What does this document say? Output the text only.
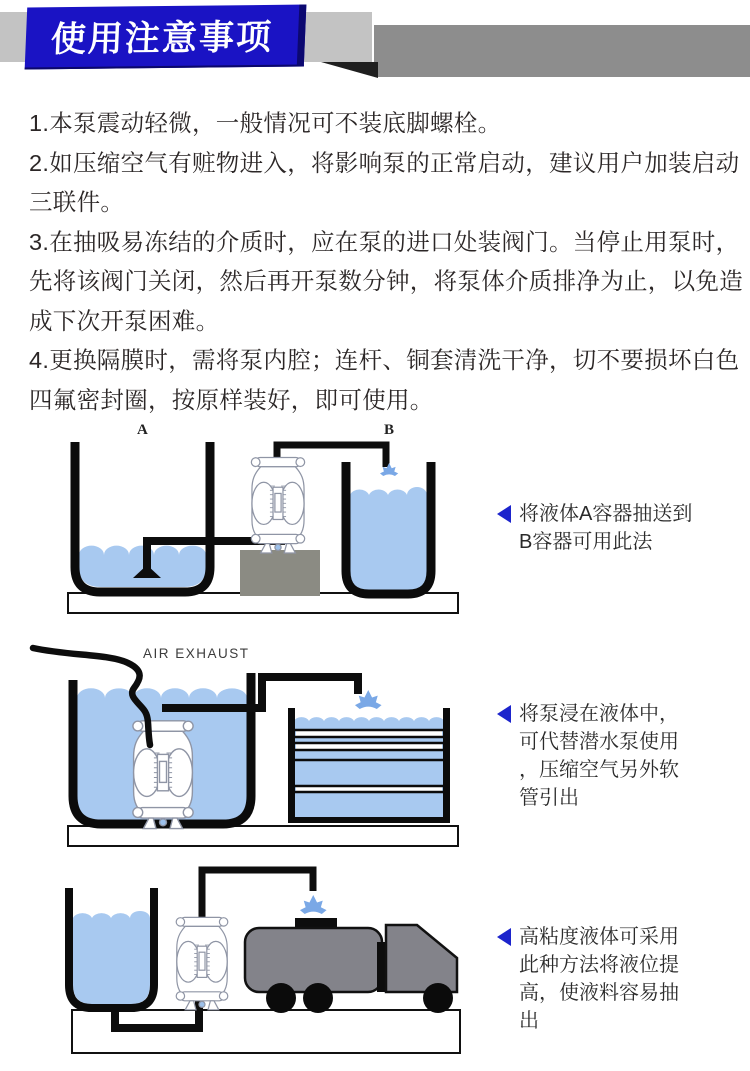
使用注意事项
1.本泵震动轻微，一般情况可不装底脚螺栓。
2.如压缩空气有赃物进入，将影响泵的正常启动，建议用户加装启动
三联件。
3.在抽吸易冻结的介质时，应在泵的进口处装阀门。当停止用泵时，
先将该阀门关闭，然后再开泵数分钟，将泵体介质排净为止，以免造
成下次开泵困难。
4.更换隔膜时，需将泵内腔；连杆、铜套清洗干净，切不要损坏白色
四氟密封圈，按原样装好，即可使用。
A	B
AIR EXHAUST
将液体A容器抽送到
B容器可用此法
将泵浸在液体中，
可代替潜水泵使用
，压缩空气另外软
管引出
高粘度液体可采用
此种方法将液位提
高，使液料容易抽
出
